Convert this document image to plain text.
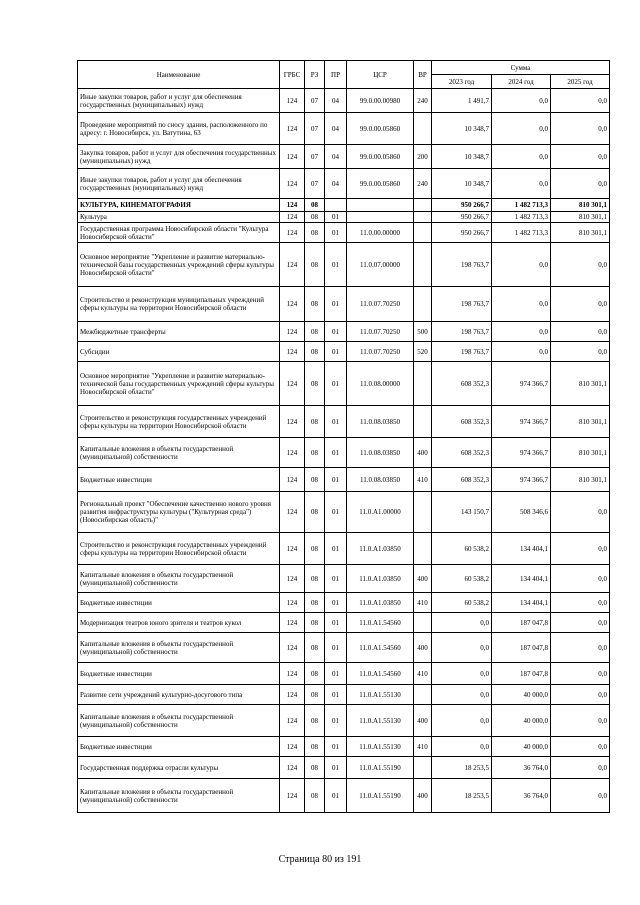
Наименование	ГРБС	РЗ	ПР	ЦСР	ВР	Сумма		
						2023 год	2024 год	2025 год
Иные закупки товаров, работ и услуг для обеспечения государственных (муниципальных) нужд	124	07	04	99.0.00.00980	240	1 491,7	0,0	0,0
Проведение мероприятий по сносу здания, расположенного по адресу: г. Новосибирск, ул. Ватутина, 63	124	07	04	99.0.00.05860		10 348,7	0,0	0,0
Закупка товаров, работ и услуг для обеспечения государственных (муниципальных) нужд	124	07	04	99.0.00.05860	200	10 348,7	0,0	0,0
Иные закупки товаров, работ и услуг для обеспечения государственных (муниципальных) нужд	124	07	04	99.0.00.05860	240	10 348,7	0,0	0,0
КУЛЬТУРА, КИНЕМАТОГРАФИЯ	124	08				950 266,7	1 482 713,3	810 301,1
Культура	124	08	01			950 266,7	1 482 713,3	810 301,1
Государственная программа Новосибирской области "Культура Новосибирской области"	124	08	01	11.0.00.00000		950 266,7	1 482 713,3	810 301,1
Основное мероприятие "Укрепление и развитие материально-технической базы государственных учреждений сферы культуры Новосибирской области"	124	08	01	11.0.07.00000		198 763,7	0,0	0,0
Строительство и реконструкция муниципальных учреждений сферы культуры на территории Новосибирской области	124	08	01	11.0.07.70250		198 763,7	0,0	0,0
Межбюджетные трансферты	124	08	01	11.0.07.70250	500	198 763,7	0,0	0,0
Субсидии	124	08	01	11.0.07.70250	520	198 763,7	0,0	0,0
Основное мероприятие "Укрепление и развитие материально-технической базы государственных учреждений сферы культуры Новосибирской области"	124	08	01	11.0.08.00000		608 352,3	974 366,7	810 301,1
Строительство и реконструкция государственных учреждений сферы культуры на территории Новосибирской области	124	08	01	11.0.08.03850		608 352,3	974 366,7	810 301,1
Капитальные вложения в объекты государственной (муниципальной) собственности	124	08	01	11.0.08.03850	400	608 352,3	974 366,7	810 301,1
Бюджетные инвестиции	124	08	01	11.0.08.03850	410	608 352,3	974 366,7	810 301,1
Региональный проект "Обеспечение качественно нового уровня развития инфраструктуры культуры ("Культурная среда") (Новосибирская область)"	124	08	01	11.0.A1.00000		143 150,7	508 346,6	0,0
Строительство и реконструкция государственных учреждений сферы культуры на территории Новосибирской области	124	08	01	11.0.A1.03850		60 538,2	134 404,1	0,0
Капитальные вложения в объекты государственной (муниципальной) собственности	124	08	01	11.0.A1.03850	400	60 538,2	134 404,1	0,0
Бюджетные инвестиции	124	08	01	11.0.A1.03850	410	60 538,2	134 404,1	0,0
Модернизация театров юного зрителя и театров кукол	124	08	01	11.0.A1.54560		0,0	187 047,8	0,0
Капитальные вложения в объекты государственной (муниципальной) собственности	124	08	01	11.0.A1.54560	400	0,0	187 047,8	0,0
Бюджетные инвестиции	124	08	01	11.0.A1.54560	410	0,0	187 047,8	0,0
Развитие сети учреждений культурно-досугового типа	124	08	01	11.0.A1.55130		0,0	40 000,0	0,0
Капитальные вложения в объекты государственной (муниципальной) собственности	124	08	01	11.0.A1.55130	400	0,0	40 000,0	0,0
Бюджетные инвестиции	124	08	01	11.0.A1.55130	410	0,0	40 000,0	0,0
Государственная поддержка отрасли культуры	124	08	01	11.0.A1.55190		18 253,5	36 764,0	0,0
Капитальные вложения в объекты государственной (муниципальной) собственности	124	08	01	11.0.A1.55190	400	18 253,5	36 764,0	0,0
Страница 80 из 191
